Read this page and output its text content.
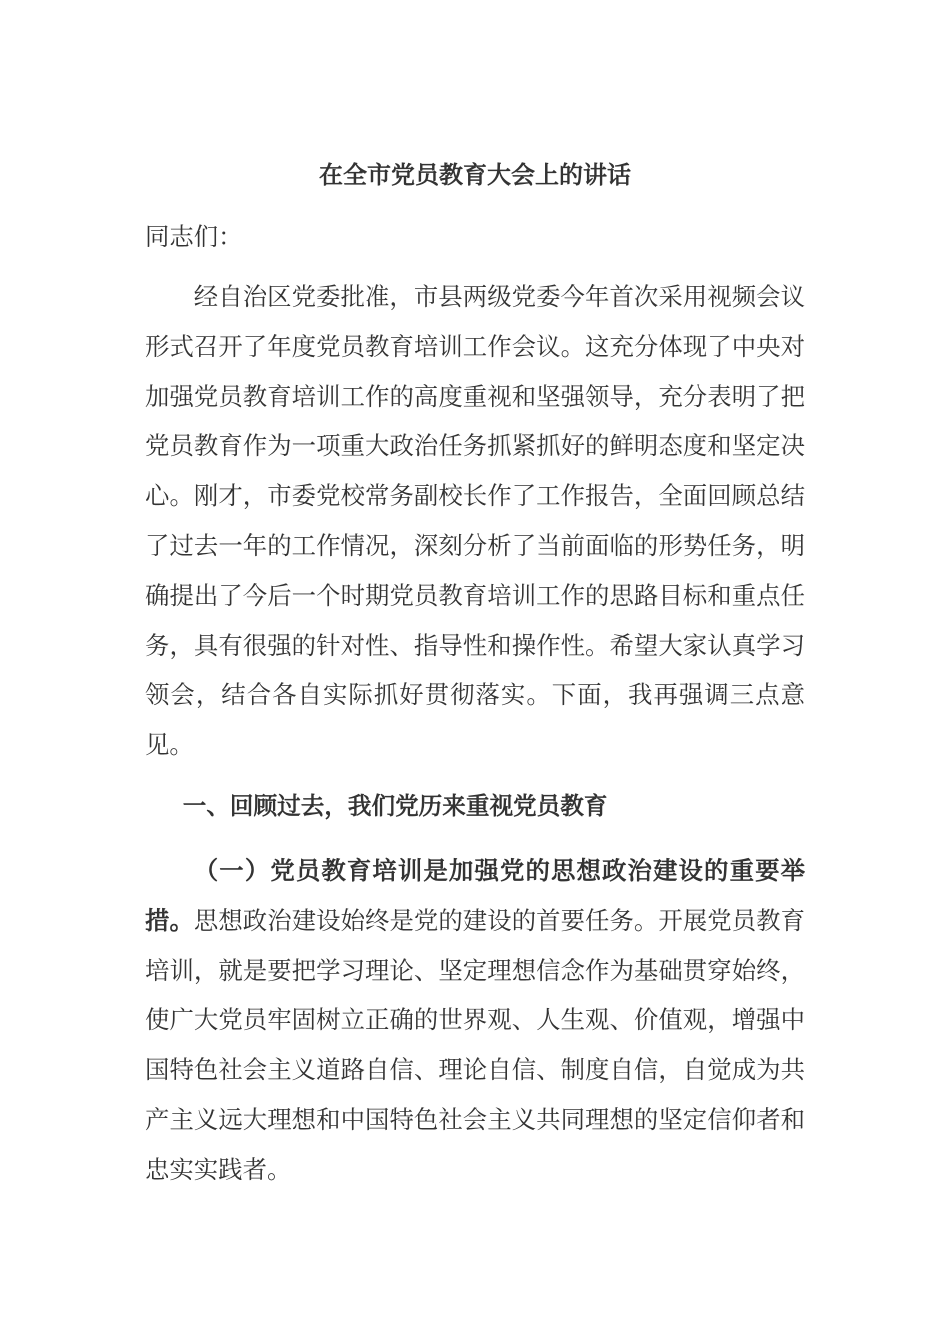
在全市党员教育大会上的讲话

同志们：

经自治区党委批准，市县两级党委今年首次采用视频会议形式召开了年度党员教育培训工作会议。这充分体现了中央对加强党员教育培训工作的高度重视和坚强领导，充分表明了把党员教育作为一项重大政治任务抓紧抓好的鲜明态度和坚定决心。刚才，市委党校常务副校长作了工作报告，全面回顾总结了过去一年的工作情况，深刻分析了当前面临的形势任务，明确提出了今后一个时期党员教育培训工作的思路目标和重点任务，具有很强的针对性、指导性和操作性。希望大家认真学习领会，结合各自实际抓好贯彻落实。下面，我再强调三点意见。

一、回顾过去，我们党历来重视党员教育

（一）党员教育培训是加强党的思想政治建设的重要举措。思想政治建设始终是党的建设的首要任务。开展党员教育培训，就是要把学习理论、坚定理想信念作为基础贯穿始终，使广大党员牢固树立正确的世界观、人生观、价值观，增强中国特色社会主义道路自信、理论自信、制度自信，自觉成为共产主义远大理想和中国特色社会主义共同理想的坚定信仰者和忠实实践者。
